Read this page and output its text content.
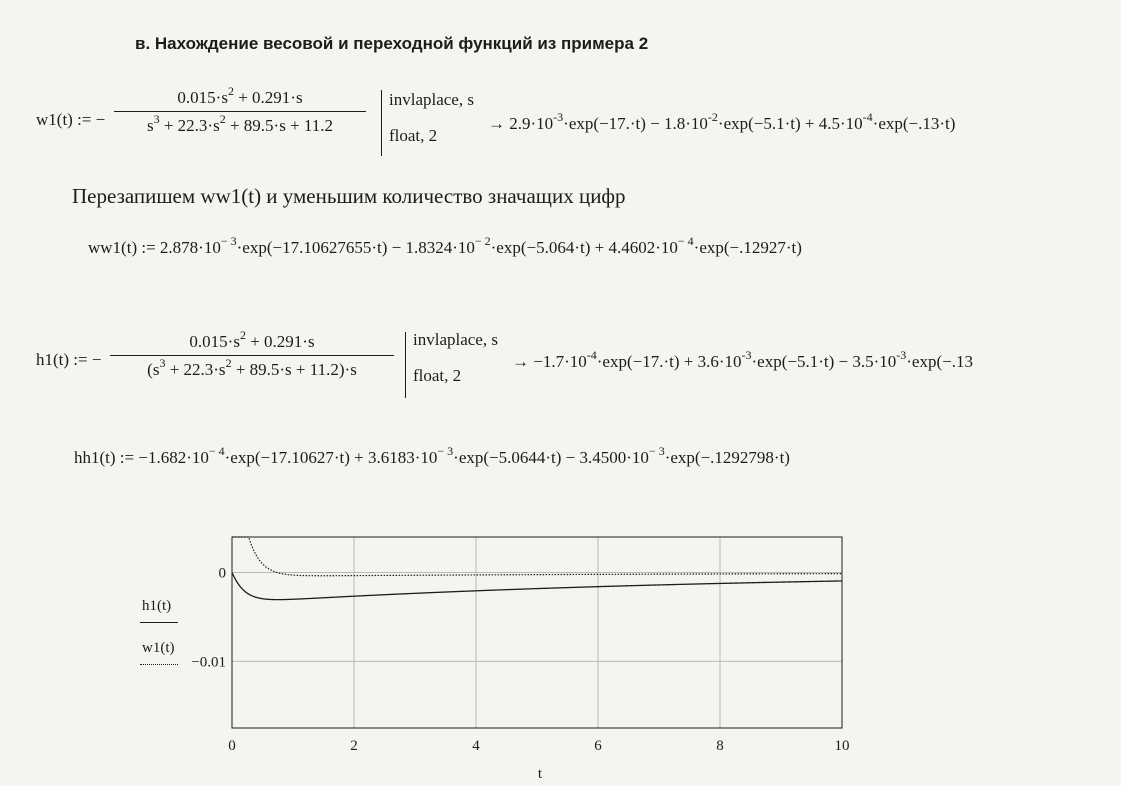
в. Нахождение весовой и переходной функций из примера 2
w1(t) := − $\frac{0.015\cdot s^2 + 0.291\cdot s}{s^3 + 22.3\cdot s^2 + 89.5\cdot s + 11.2}$ invlaplace, s
float, 2
→ $2.9\cdot 10^{-3}\cdot\exp(-17.\cdot t) - 1.8\cdot 10^{-2}\cdot\exp(-5.1\cdot t) + 4.5\cdot 10^{-4}\cdot\exp(-.13\cdot t)$
Перезапишем ww1(t) и уменьшим количество значащих цифр
ww1(t) := $2.878\cdot 10^{- 3}\cdot\exp(-17.10627655\cdot t) - 1.8324\cdot 10^{- 2}\cdot\exp(-5.064\cdot t) + 4.4602\cdot 10^{- 4}\cdot\exp(-.12927\cdot t)$
h1(t) := − $\frac{0.015\cdot s^2 + 0.291\cdot s}{(s^3 + 22.3\cdot s^2 + 89.5\cdot s + 11.2)\cdot s}$ invlaplace, s
float, 2
→ $-1.7\cdot 10^{-4}\cdot\exp(-17.\cdot t) + 3.6\cdot 10^{-3}\cdot\exp(-5.1\cdot t) - 3.5\cdot 10^{-3}\cdot\exp(-.13$
hh1(t) := $-1.682\cdot 10^{- 4}\cdot\exp(-17.10627\cdot t) + 3.6183\cdot 10^{- 3}\cdot\exp(-5.0644\cdot t) - 3.4500\cdot 10^{- 3}\cdot\exp(-.1292798\cdot t)$
h1(t)
w1(t)
0	2	4	6	8	10
0
−0.01
t
